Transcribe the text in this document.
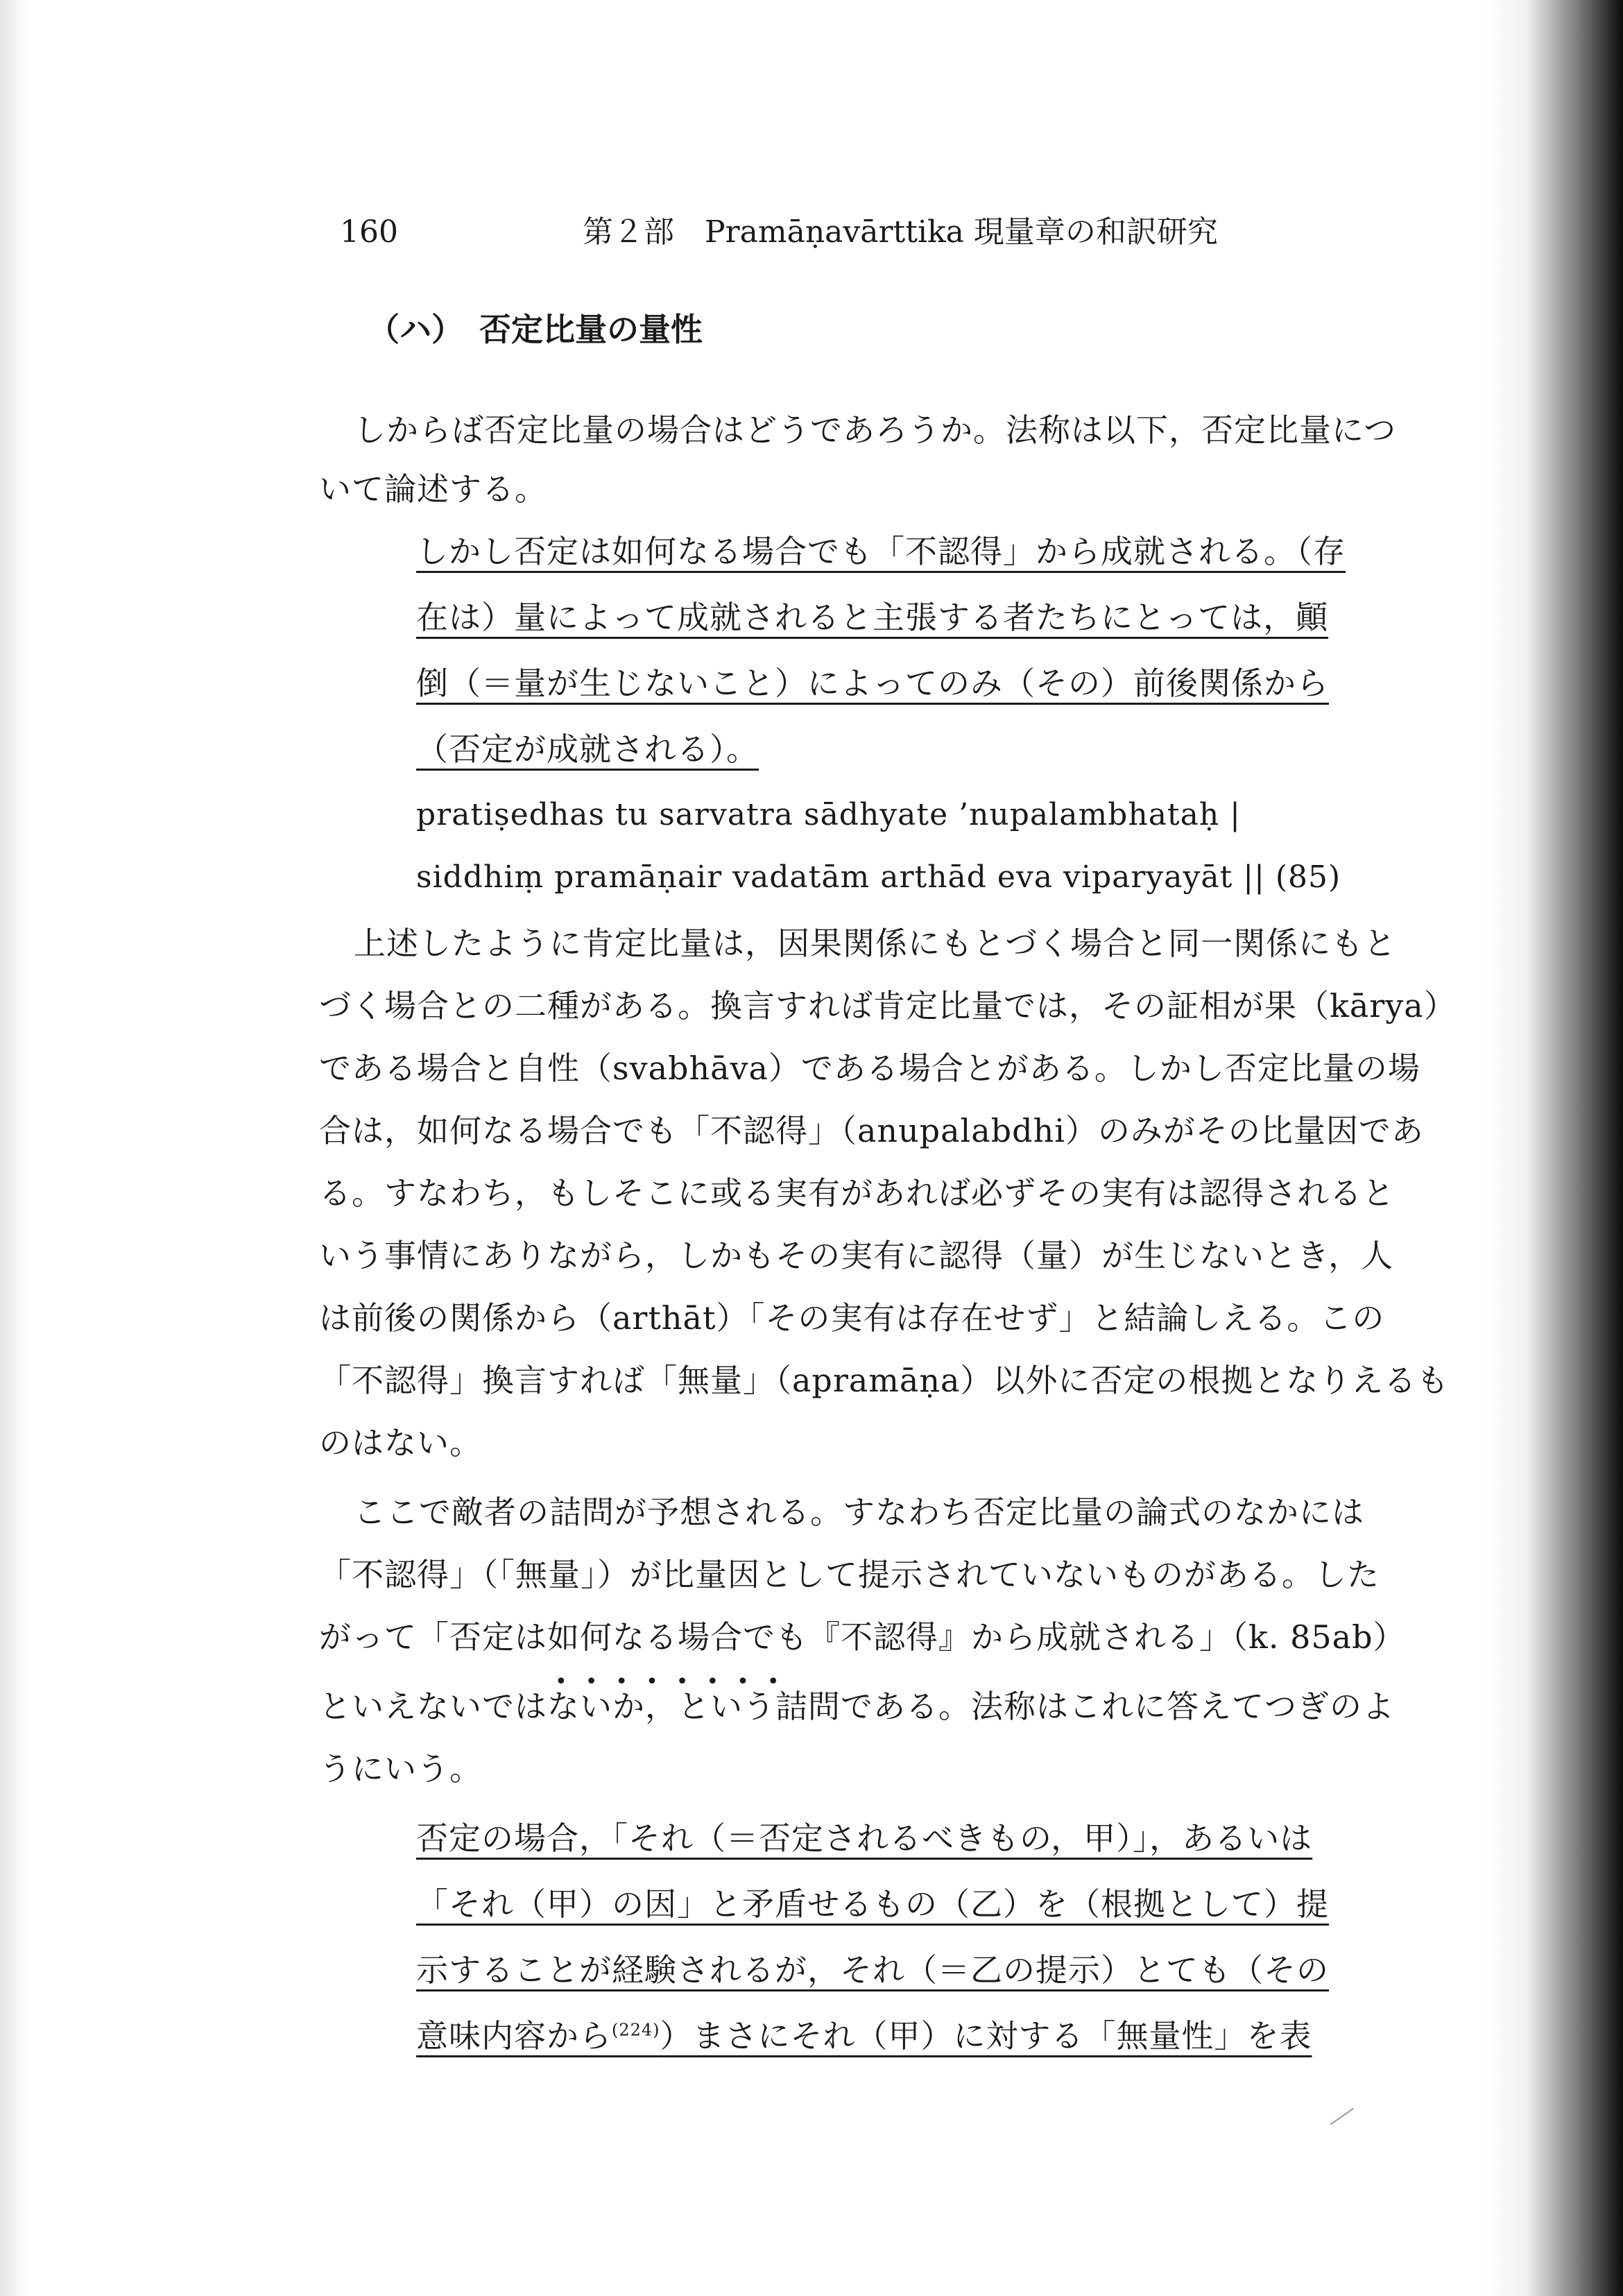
160	第２部　Pramāṇavārttika 現量章の和訳研究
（ハ）　否定比量の量性
しからば否定比量の場合はどうであろうか。法称は以下，否定比量につ
いて論述する。
しかし否定は如何なる場合でも「不認得」から成就される。（存
在は）量によって成就されると主張する者たちにとっては，顚
倒（＝量が生じないこと）によってのみ（その）前後関係から
（否定が成就される）。
pratiṣedhas tu sarvatra sādhyate ’nupalambhataḥ |
siddhiṃ pramāṇair vadatām arthād eva viparyayāt || (85)
上述したように肯定比量は，因果関係にもとづく場合と同一関係にもと
づく場合との二種がある。換言すれば肯定比量では，その証相が果（kārya）
である場合と自性（svabhāva）である場合とがある。しかし否定比量の場
合は，如何なる場合でも「不認得」（anupalabdhi）のみがその比量因であ
る。すなわち，もしそこに或る実有があれば必ずその実有は認得されると
いう事情にありながら，しかもその実有に認得（量）が生じないとき，人
は前後の関係から（arthāt）「その実有は存在せず」と結論しえる。この
「不認得」換言すれば「無量」（apramāṇa）以外に否定の根拠となりえるも
のはない。
ここで敵者の詰問が予想される。すなわち否定比量の論式のなかには
「不認得」（「無量」）が比量因として提示されていないものがある。した
がって「否定は如何なる場合でも『不認得』から成就される」（k. 85ab）
••••••••
といえないではないか，という詰問である。法称はこれに答えてつぎのよ
うにいう。
否定の場合，「それ（＝否定されるべきもの，甲）」，あるいは
「それ（甲）の因」と矛盾せるもの（乙）を（根拠として）提
示することが経験されるが，それ（＝乙の提示）とても（その
意味内容から$^{(224)}$）まさにそれ（甲）に対する「無量性」を表
